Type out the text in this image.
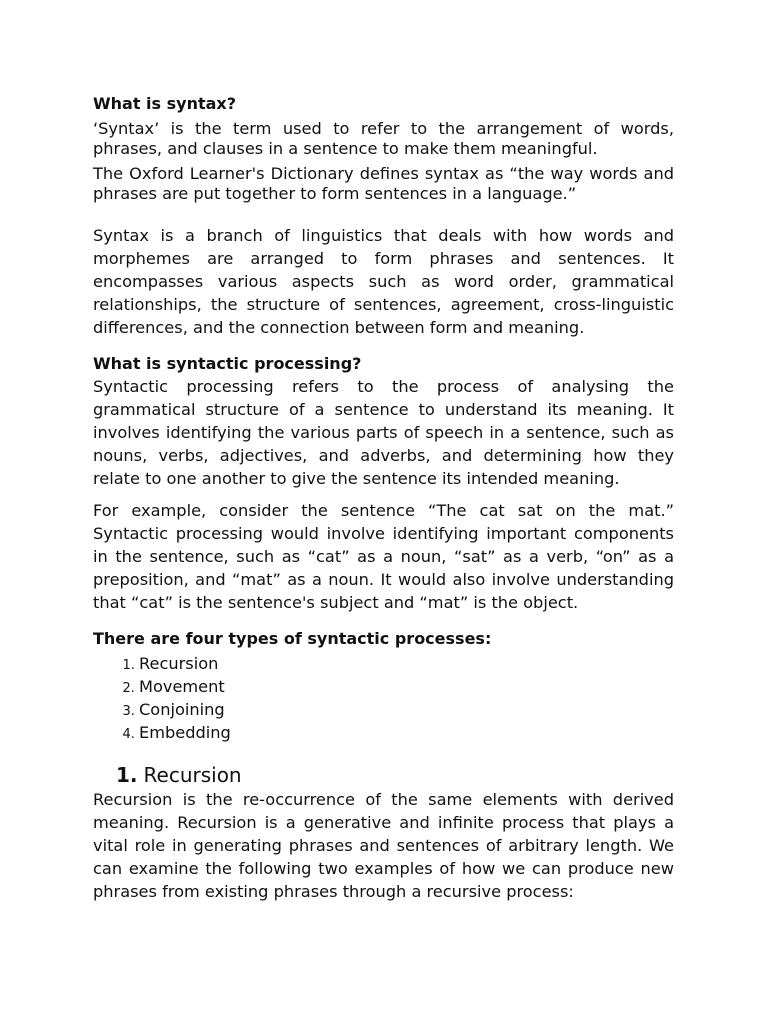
What is syntax?

‘Syntax’ is the term used to refer to the arrangement of words, phrases, and clauses in a sentence to make them meaningful.

The Oxford Learner's Dictionary defines syntax as “the way words and phrases are put together to form sentences in a language.”

Syntax is a branch of linguistics that deals with how words and morphemes are arranged to form phrases and sentences. It encompasses various aspects such as word order, grammatical relationships, the structure of sentences, agreement, cross-linguistic differences, and the connection between form and meaning.

What is syntactic processing?

Syntactic processing refers to the process of analysing the grammatical structure of a sentence to understand its meaning. It involves identifying the various parts of speech in a sentence, such as nouns, verbs, adjectives, and adverbs, and determining how they relate to one another to give the sentence its intended meaning.

For example, consider the sentence “The cat sat on the mat.” Syntactic processing would involve identifying important components in the sentence, such as “cat” as a noun, “sat” as a verb, “on” as a preposition, and “mat” as a noun. It would also involve understanding that “cat” is the sentence's subject and “mat” is the object.

There are four types of syntactic processes:
1. Recursion
2. Movement
3. Conjoining
4. Embedding
1. Recursion

Recursion is the re-occurrence of the same elements with derived meaning. Recursion is a generative and infinite process that plays a vital role in generating phrases and sentences of arbitrary length. We can examine the following two examples of how we can produce new phrases from existing phrases through a recursive process:
